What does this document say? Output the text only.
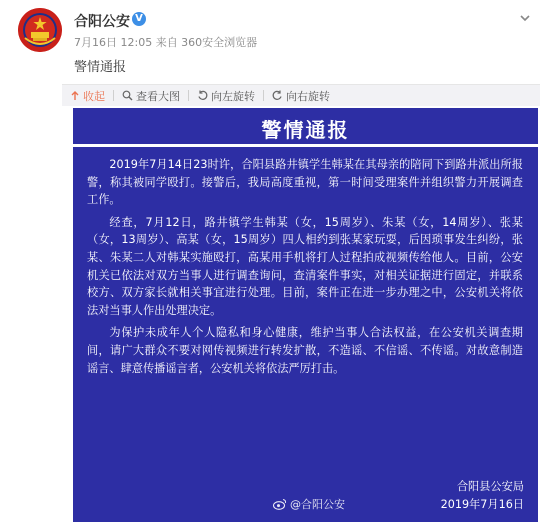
合阳公安 V
7月16日 12:05 来自 360安全浏览器
警情通报
收起	查看大图	向左旋转	向右旋转
警情通报

2019年7月14日23时许，合阳县路井镇学生韩某在其母亲的陪同下到路井派出所报警，称其被同学殴打。接警后，我局高度重视，第一时间受理案件并组织警力开展调查工作。

经查，7月12日，路井镇学生韩某（女，15周岁）、朱某（女，14周岁）、张某（女，13周岁）、高某（女，15周岁）四人相约到张某家玩耍，后因琐事发生纠纷，张某、朱某二人对韩某实施殴打，高某用手机将打人过程拍成视频传给他人。目前，公安机关已依法对双方当事人进行调查询问，查清案件事实，对相关证据进行固定，并联系校方、双方家长就相关事宜进行处理。目前，案件正在进一步办理之中，公安机关将依法对当事人作出处理决定。

为保护未成年人个人隐私和身心健康，维护当事人合法权益，在公安机关调查期间，请广大群众不要对网传视频进行转发扩散，不造谣、不信谣、不传谣。对故意制造谣言、肆意传播谣言者，公安机关将依法严厉打击。

@合阳公安
合阳县公安局
2019年7月16日
